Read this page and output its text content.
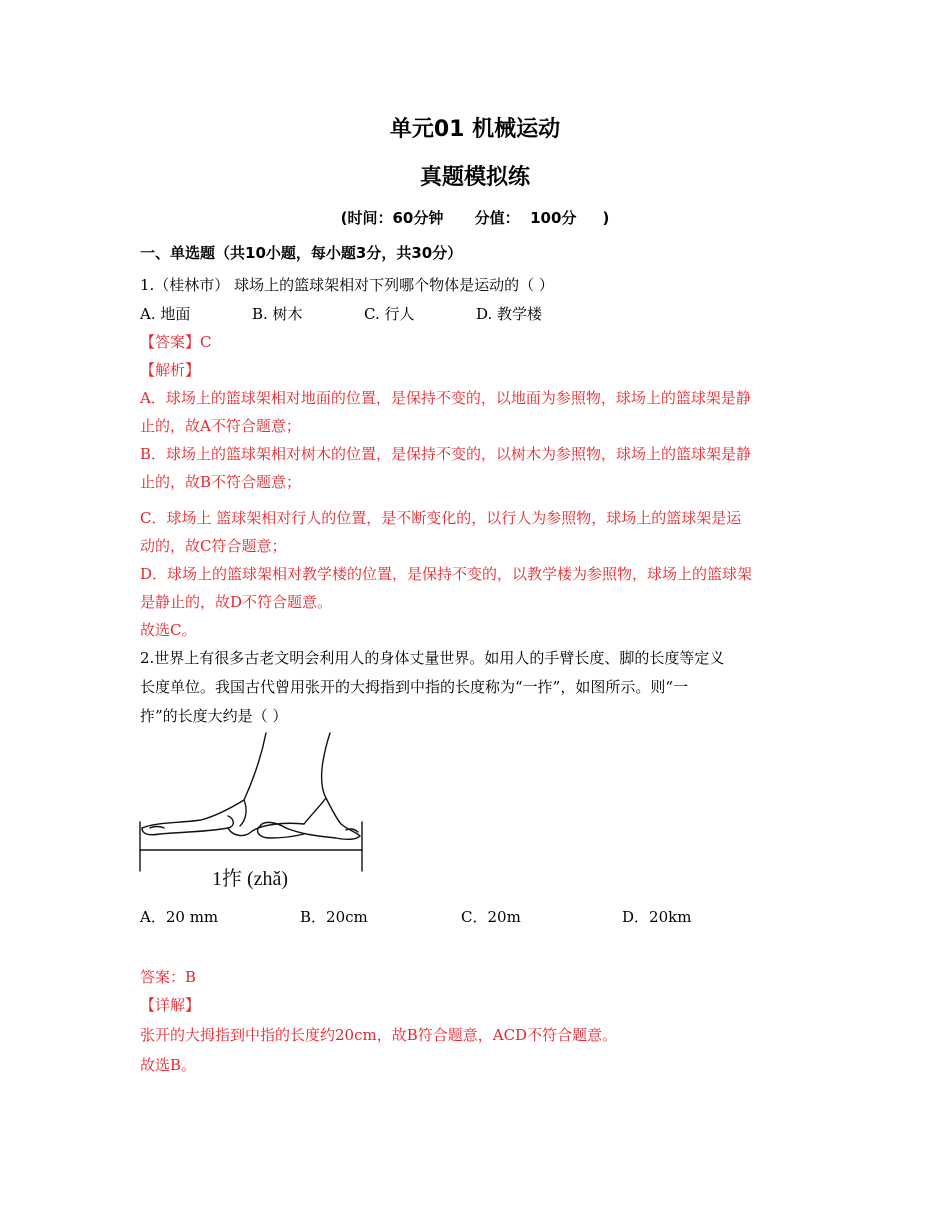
单元01 机械运动
真题模拟练
(时间：60分钟      分值：  100分     )
一、单选题（共10小题，每小题3分，共30分）
1.（桂林市） 球场上的篮球架相对下列哪个物体是运动的（ ）
A. 地面	B. 树木	C. 行人	D. 教学楼
【答案】C
【解析】
A．球场上的篮球架相对地面的位置，是保持不变的，以地面为参照物，球场上的篮球架是静
止的，故A不符合题意；
B．球场上的篮球架相对树木的位置，是保持不变的，以树木为参照物，球场上的篮球架是静
止的，故B不符合题意；
C．球场上 篮球架相对行人的位置，是不断变化的，以行人为参照物，球场上的篮球架是运
动的，故C符合题意；
D．球场上的篮球架相对教学楼的位置，是保持不变的，以教学楼为参照物，球场上的篮球架
是静止的，故D不符合题意。
故选C。
2.世界上有很多古老文明会利用人的身体丈量世界。如用人的手臂长度、脚的长度等定义
长度单位。我国古代曾用张开的大拇指到中指的长度称为“一拃”，如图所示。则“一
拃”的长度大约是（ ）
1拃 (zhǎ)
A．20 mm	B．20cm	C．20m	D．20km
答案：B
【详解】
张开的大拇指到中指的长度约20cm，故B符合题意，ACD不符合题意。
故选B。
